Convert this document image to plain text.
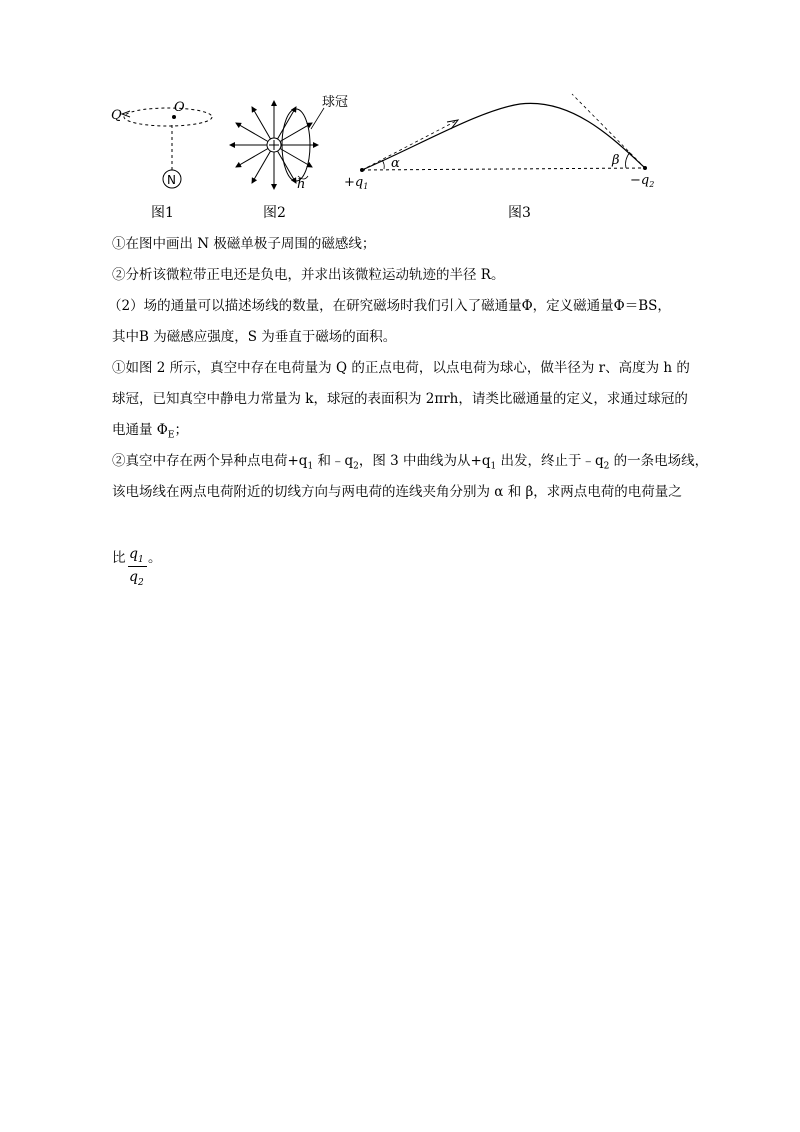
Q
O
N
图1
球冠
h
图2
α	β
$+q_1$	$-q_2$
图3
①在图中画出 N 极磁单极子周围的磁感线；
②分析该微粒带正电还是负电，并求出该微粒运动轨迹的半径 R。
（2）场的通量可以描述场线的数量，在研究磁场时我们引入了磁通量Φ，定义磁通量Φ＝BS，
其中B 为磁感应强度，S 为垂直于磁场的面积。
①如图 2 所示，真空中存在电荷量为 Q 的正点电荷，以点电荷为球心，做半径为 r、高度为 h 的
球冠，已知真空中静电力常量为 k，球冠的表面积为 2πrh，请类比磁通量的定义，求通过球冠的
电通量 $\Phi_E$；
②真空中存在两个异种点电荷$+q_1$ 和$﹣q_2$，图 3 中曲线为从$+q_1$ 出发，终止于$﹣q_2$ 的一条电场线，
该电场线在两点电荷附近的切线方向与两电荷的连线夹角分别为 α 和 β，求两点电荷的电荷量之
比 $q_1$
$q_2$
。
